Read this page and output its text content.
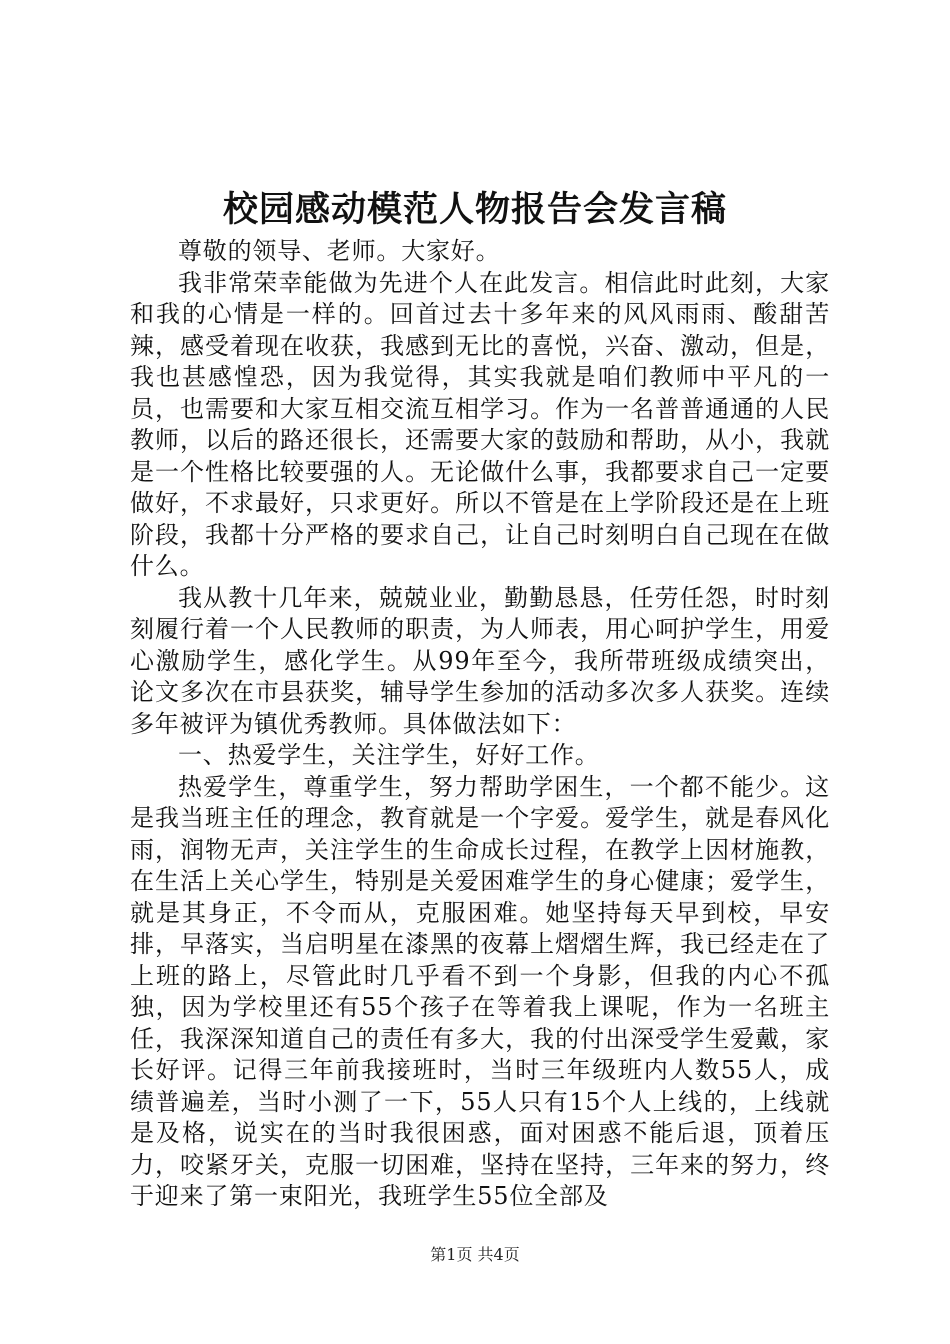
校园感动模范人物报告会发言稿

尊敬的领导、老师。大家好。

我非常荣幸能做为先进个人在此发言。相信此时此刻，大家和我的心情是一样的。回首过去十多年来的风风雨雨、酸甜苦辣，感受着现在收获，我感到无比的喜悦，兴奋、激动，但是，我也甚感惶恐，因为我觉得，其实我就是咱们教师中平凡的一员，也需要和大家互相交流互相学习。作为一名普普通通的人民教师，以后的路还很长，还需要大家的鼓励和帮助，从小，我就是一个性格比较要强的人。无论做什么事，我都要求自己一定要做好，不求最好，只求更好。所以不管是在上学阶段还是在上班阶段，我都十分严格的要求自己，让自己时刻明白自己现在在做什么。

我从教十几年来，兢兢业业，勤勤恳恳，任劳任怨，时时刻刻履行着一个人民教师的职责，为人师表，用心呵护学生，用爱心激励学生，感化学生。从99年至今，我所带班级成绩突出，论文多次在市县获奖，辅导学生参加的活动多次多人获奖。连续多年被评为镇优秀教师。具体做法如下：

一、热爱学生，关注学生，好好工作。

热爱学生，尊重学生，努力帮助学困生，一个都不能少。这是我当班主任的理念，教育就是一个字爱。爱学生，就是春风化雨，润物无声，关注学生的生命成长过程，在教学上因材施教，在生活上关心学生，特别是关爱困难学生的身心健康；爱学生，就是其身正，不令而从，克服困难。她坚持每天早到校，早安排，早落实，当启明星在漆黑的夜幕上熠熠生辉，我已经走在了上班的路上，尽管此时几乎看不到一个身影，但我的内心不孤独，因为学校里还有55个孩子在等着我上课呢，作为一名班主任，我深深知道自己的责任有多大，我的付出深受学生爱戴，家长好评。记得三年前我接班时，当时三年级班内人数55人，成绩普遍差，当时小测了一下，55人只有15个人上线的，上线就是及格，说实在的当时我很困惑，面对困惑不能后退，顶着压力，咬紧牙关，克服一切困难，坚持在坚持，三年来的努力，终于迎来了第一束阳光，我班学生55位全部及

第1页 共4页
